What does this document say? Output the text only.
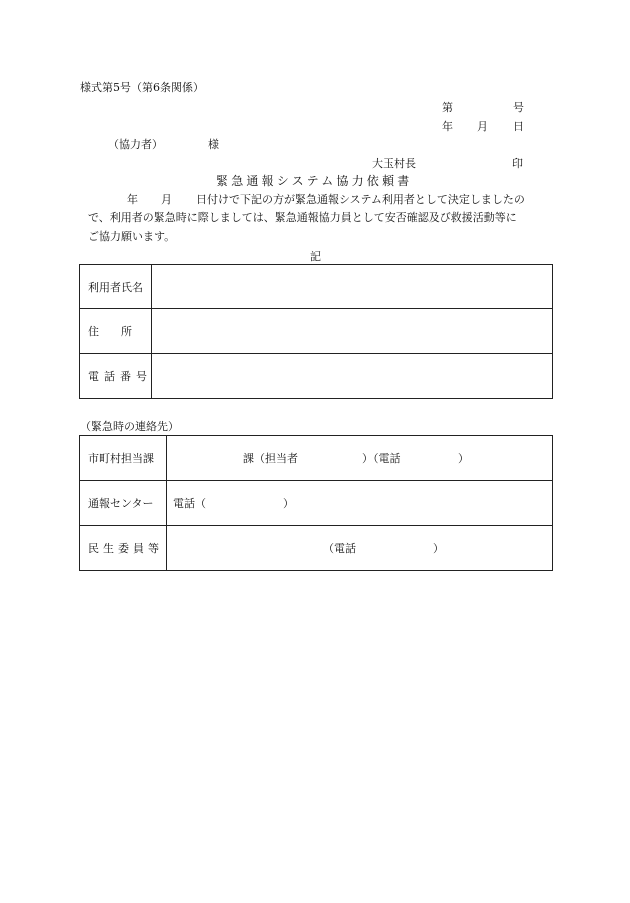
様式第5号（第6条関係）
第	号
年 月 日
（協力者）	様
大玉村長	印
緊急通報システム協力依頼書
年 月 日付けで下記の方が緊急通報システム利用者として決定しましたの
で、利用者の緊急時に際しましては、緊急通報協力員として安否確認及び救援活動等に
ご協力願います。
記
利用者氏名	
住　　所	
電話番号	
（緊急時の連絡先）
市町村担当課	課（担当者 ）（電話 ）

通報センター	電話（ ）

民生委員等	（電話 ）
